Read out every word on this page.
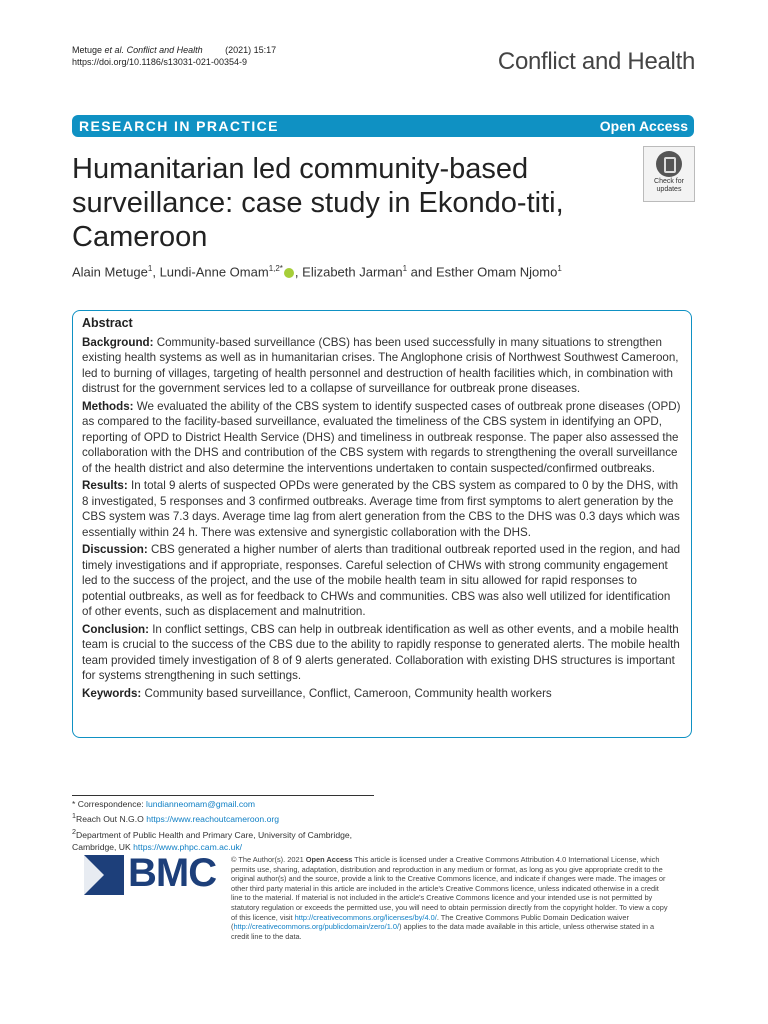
Metuge et al. Conflict and Health	(2021) 15:17
https://doi.org/10.1186/s13031-021-00354-9	Conflict and Health
RESEARCH IN PRACTICE	Open Access
Humanitarian led community-based surveillance: case study in Ekondo-titi, Cameroon
Check for
updates
Alain Metuge$^1$, Lundi-Anne Omam$^{1,2*}$ , Elizabeth Jarman$^1$ and Esther Omam Njomo$^1$
Abstract

Background: Community-based surveillance (CBS) has been used successfully in many situations to strengthen existing health systems as well as in humanitarian crises. The Anglophone crisis of Northwest Southwest Cameroon, led to burning of villages, targeting of health personnel and destruction of health facilities which, in combination with distrust for the government services led to a collapse of surveillance for outbreak prone diseases.

Methods: We evaluated the ability of the CBS system to identify suspected cases of outbreak prone diseases (OPD) as compared to the facility-based surveillance, evaluated the timeliness of the CBS system in identifying an OPD, reporting of OPD to District Health Service (DHS) and timeliness in outbreak response. The paper also assessed the collaboration with the DHS and contribution of the CBS system with regards to strengthening the overall surveillance of the health district and also determine the interventions undertaken to contain suspected/confirmed outbreaks.

Results: In total 9 alerts of suspected OPDs were generated by the CBS system as compared to 0 by the DHS, with 8 investigated, 5 responses and 3 confirmed outbreaks. Average time from first symptoms to alert generation by the CBS system was 7.3 days. Average time lag from alert generation from the CBS to the DHS was 0.3 days which was essentially within 24 h. There was extensive and synergistic collaboration with the DHS.

Discussion: CBS generated a higher number of alerts than traditional outbreak reported used in the region, and had timely investigations and if appropriate, responses. Careful selection of CHWs with strong community engagement led to the success of the project, and the use of the mobile health team in situ allowed for rapid responses to potential outbreaks, as well as for feedback to CHWs and communities. CBS was also well utilized for identification of other events, such as displacement and malnutrition.

Conclusion: In conflict settings, CBS can help in outbreak identification as well as other events, and a mobile health team is crucial to the success of the CBS due to the ability to rapidly response to generated alerts. The mobile health team provided timely investigation of 8 of 9 alerts generated. Collaboration with existing DHS structures is important for systems strengthening in such settings.

Keywords: Community based surveillance, Conflict, Cameroon, Community health workers

* Correspondence: lundianneomam@gmail.com
$^1$Reach Out N.G.O https://www.reachoutcameroon.org
$^2$Department of Public Health and Primary Care, University of Cambridge,
Cambridge, UK https://www.phpc.cam.ac.uk/
BMC © The Author(s). 2021 Open Access This article is licensed under a Creative Commons Attribution 4.0 International License, which permits use, sharing, adaptation, distribution and reproduction in any medium or format, as long as you give appropriate credit to the original author(s) and the source, provide a link to the Creative Commons licence, and indicate if changes were made. The images or other third party material in this article are included in the article's Creative Commons licence, unless indicated otherwise in a credit line to the material. If material is not included in the article's Creative Commons licence and your intended use is not permitted by statutory regulation or exceeds the permitted use, you will need to obtain permission directly from the copyright holder. To view a copy of this licence, visit http://creativecommons.org/licenses/by/4.0/. The Creative Commons Public Domain Dedication waiver (http://creativecommons.org/publicdomain/zero/1.0/) applies to the data made available in this article, unless otherwise stated in a credit line to the data.
